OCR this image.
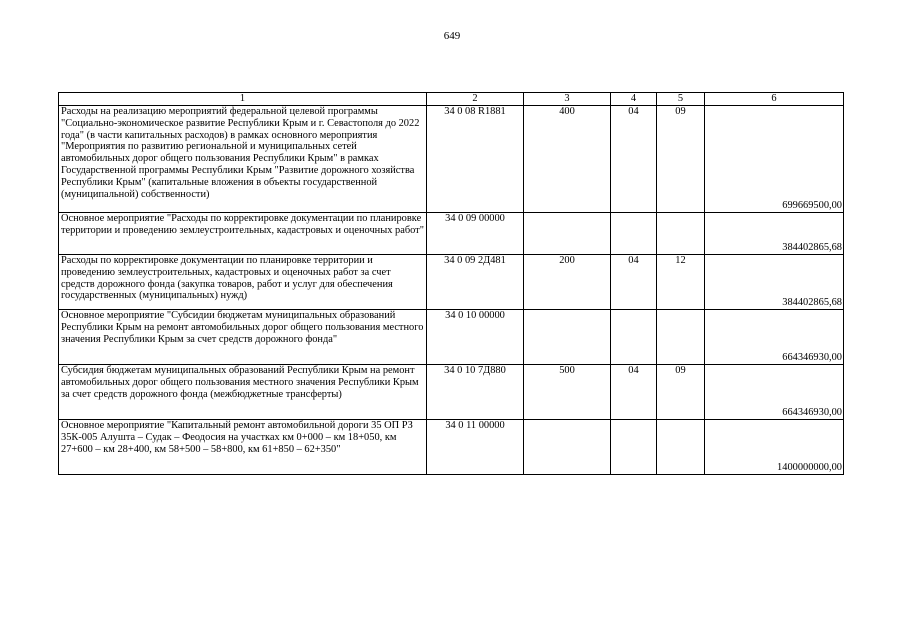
649
1	2	3	4	5	6
Расходы на реализацию мероприятий федеральной целевой программы "Социально-экономическое развитие Республики Крым и г. Севастополя до 2022 года" (в части капитальных расходов) в рамках основного мероприятия "Мероприятия по развитию региональной и муниципальных сетей автомобильных дорог общего пользования Республики Крым" в рамках Государственной программы Республики Крым "Развитие дорожного хозяйства Республики Крым" (капитальные вложения в объекты государственной (муниципальной) собственности)	34 0 08 R1881	400	04	09	699669500,00
Основное мероприятие "Расходы по корректировке документации по планировке территории и проведению землеустроительных, кадастровых и оценочных работ"	34 0 09 00000				384402865,68
Расходы по корректировке документации по планировке территории и проведению землеустроительных, кадастровых и оценочных работ за счет средств дорожного фонда (закупка товаров, работ и услуг для обеспечения государственных (муниципальных) нужд)	34 0 09 2Д481	200	04	12	384402865,68
Основное мероприятие "Субсидии бюджетам муниципальных образований Республики Крым на ремонт автомобильных дорог общего пользования местного значения Республики Крым за счет средств дорожного фонда"	34 0 10 00000				664346930,00
Субсидия бюджетам муниципальных образований Республики Крым на ремонт автомобильных дорог общего пользования местного значения Республики Крым за счет средств дорожного фонда (межбюджетные трансферты)	34 0 10 7Д880	500	04	09	664346930,00
Основное мероприятие "Капитальный ремонт автомобильной дороги 35 ОП РЗ 35К-005 Алушта – Судак – Феодосия на участках км 0+000 – км 18+050, км 27+600 – км 28+400, км 58+500 – 58+800, км 61+850 – 62+350"	34 0 11 00000				1400000000,00
